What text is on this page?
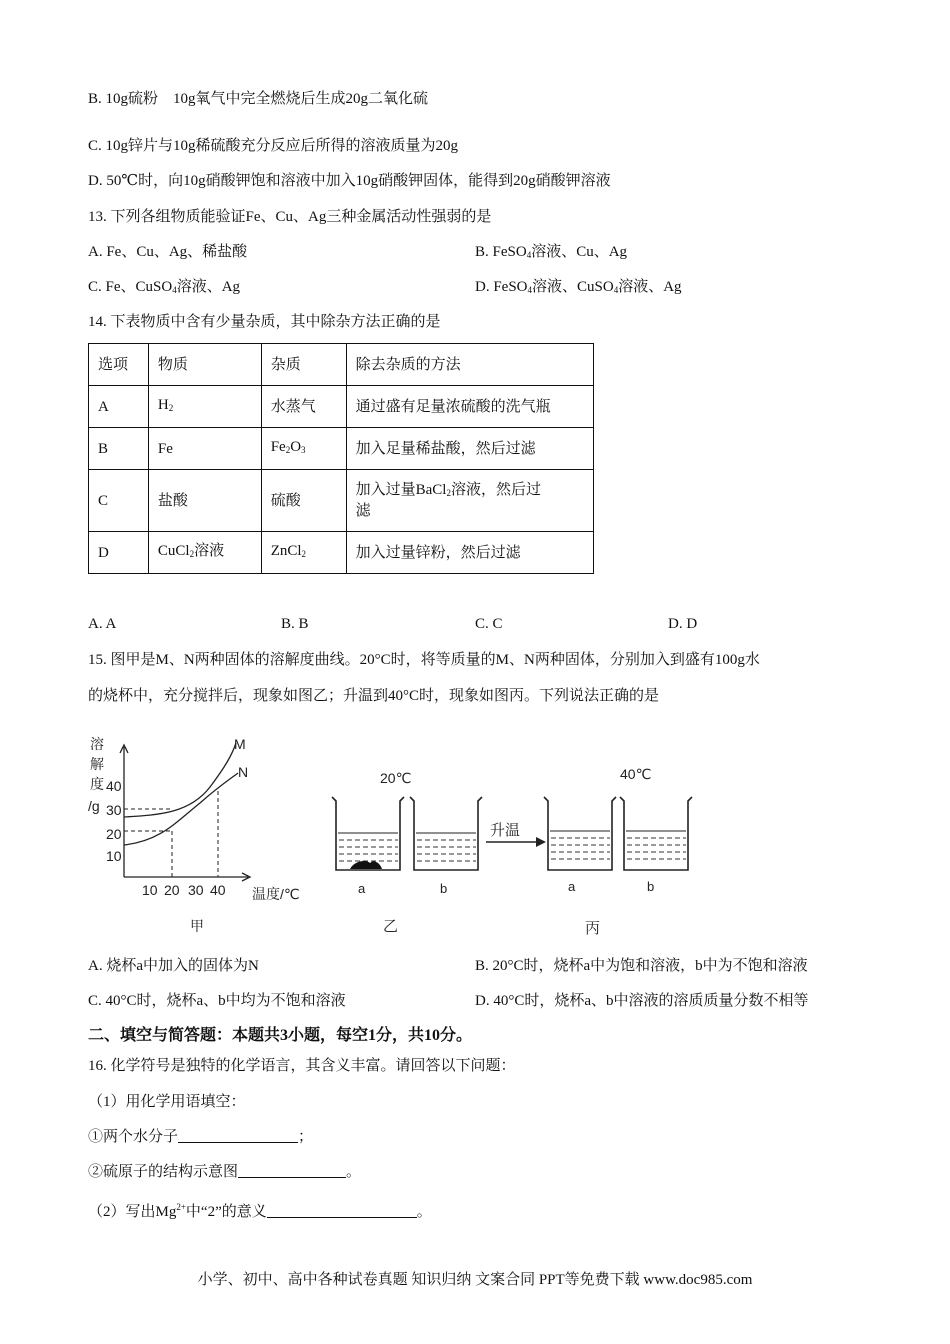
B. 10g硫粉　10g氧气中完全燃烧后生成20g二氧化硫
C. 10g锌片与10g稀硫酸充分反应后所得的溶液质量为20g
D. 50℃时，向10g硝酸钾饱和溶液中加入10g硝酸钾固体，能得到20g硝酸钾溶液
13. 下列各组物质能验证Fe、Cu、Ag三种金属活动性强弱的是
A. Fe、Cu、Ag、稀盐酸	B. FeSO$_4$溶液、Cu、Ag
C. Fe、CuSO$_4$溶液、Ag	D. FeSO$_4$溶液、CuSO$_4$溶液、Ag
14. 下表物质中含有少量杂质，其中除杂方法正确的是
选项	物质	杂质	除去杂质的方法
A	$H_2$	水蒸气	通过盛有足量浓硫酸的洗气瓶
B	Fe	$Fe_2O_3$	加入足量稀盐酸，然后过滤
C	盐酸	硫酸	加入过量BaCl$_2$溶液，然后过
滤
D	CuCl$_2$溶液	ZnCl$_2$	加入过量锌粉，然后过滤
A. A	B. B	C. C	D. D
15. 图甲是M、N两种固体的溶解度曲线。20°C时，将等质量的M、N两种固体，分别加入到盛有100g水
的烧杯中，充分搅拌后，现象如图乙；升温到40°C时，现象如图丙。下列说法正确的是
溶
解
度
/g
40
30
20
10
10 20 30 40 温度/℃
M
N
甲
20℃
a	b
乙
升温
40℃
a	b
丙
A. 烧杯a中加入的固体为N	B. 20°C时，烧杯a中为饱和溶液，b中为不饱和溶液
C. 40°C时，烧杯a、b中均为不饱和溶液	D. 40°C时，烧杯a、b中溶液的溶质质量分数不相等
二、填空与简答题：本题共3小题，每空1分，共10分。
16. 化学符号是独特的化学语言，其含义丰富。请回答以下问题：
（1）用化学用语填空：
①两个水分子	；
②硫原子的结构示意图	。
（2）写出$Mg^{2+}$中“2”的意义	。
小学、初中、高中各种试卷真题 知识归纳 文案合同 PPT等免费下载 www.doc985.com
